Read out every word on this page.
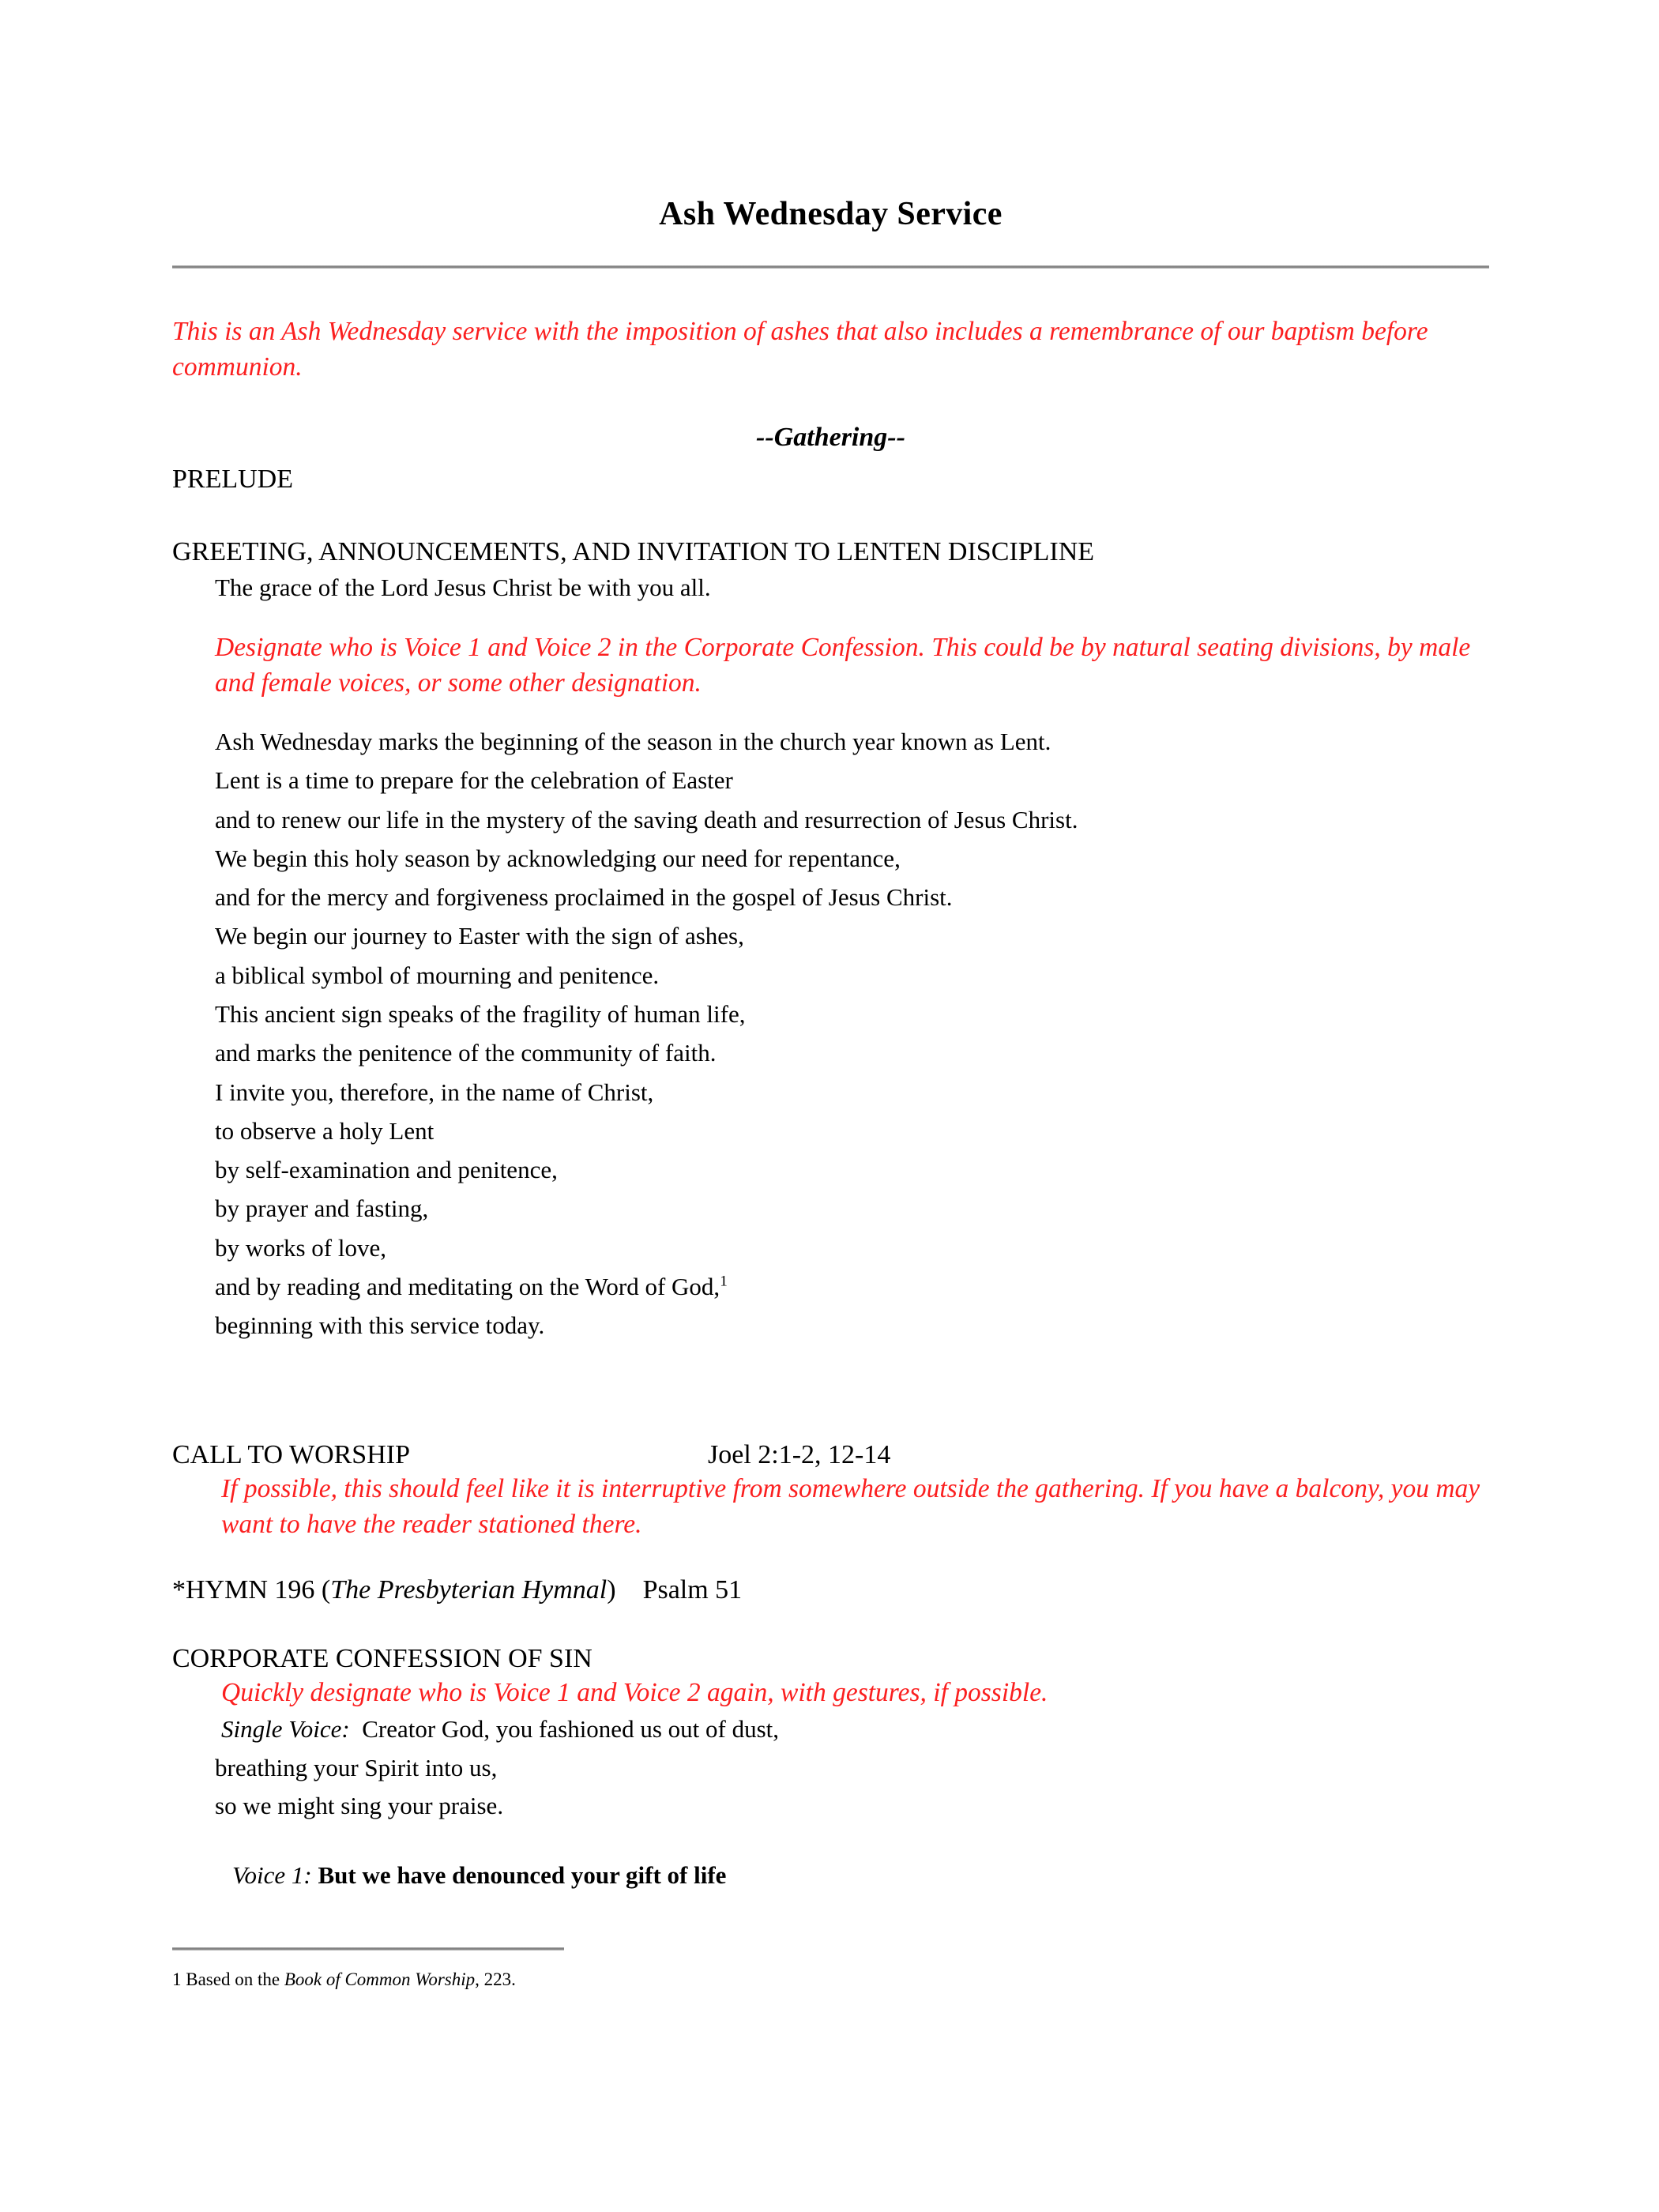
Ash Wednesday Service

This is an Ash Wednesday service with the imposition of ashes that also includes a remembrance of our baptism before communion.

--Gathering--

PRELUDE

GREETING, ANNOUNCEMENTS, AND INVITATION TO LENTEN DISCIPLINE

The grace of the Lord Jesus Christ be with you all.

Designate who is Voice 1 and Voice 2 in the Corporate Confession. This could be by natural seating divisions, by male and female voices, or some other designation.

Ash Wednesday marks the beginning of the season in the church year known as Lent.

Lent is a time to prepare for the celebration of Easter

and to renew our life in the mystery of the saving death and resurrection of Jesus Christ.

We begin this holy season by acknowledging our need for repentance,

and for the mercy and forgiveness proclaimed in the gospel of Jesus Christ.

We begin our journey to Easter with the sign of ashes,

a biblical symbol of mourning and penitence.

This ancient sign speaks of the fragility of human life,

and marks the penitence of the community of faith.

I invite you, therefore, in the name of Christ,

to observe a holy Lent

by self-examination and penitence,

by prayer and fasting,

by works of love,

and by reading and meditating on the Word of God,$^1$

beginning with this service today.

CALL TO WORSHIP	Joel 2:1-2, 12-14

If possible, this should feel like it is interruptive from somewhere outside the gathering. If you have a balcony, you may want to have the reader stationed there.

*HYMN 196 (The Presbyterian Hymnal) Psalm 51

CORPORATE CONFESSION OF SIN

Quickly designate who is Voice 1 and Voice 2 again, with gestures, if possible.

Single Voice: Creator God, you fashioned us out of dust,

breathing your Spirit into us,

so we might sing your praise.

Voice 1: But we have denounced your gift of life

1 Based on the Book of Common Worship, 223.
